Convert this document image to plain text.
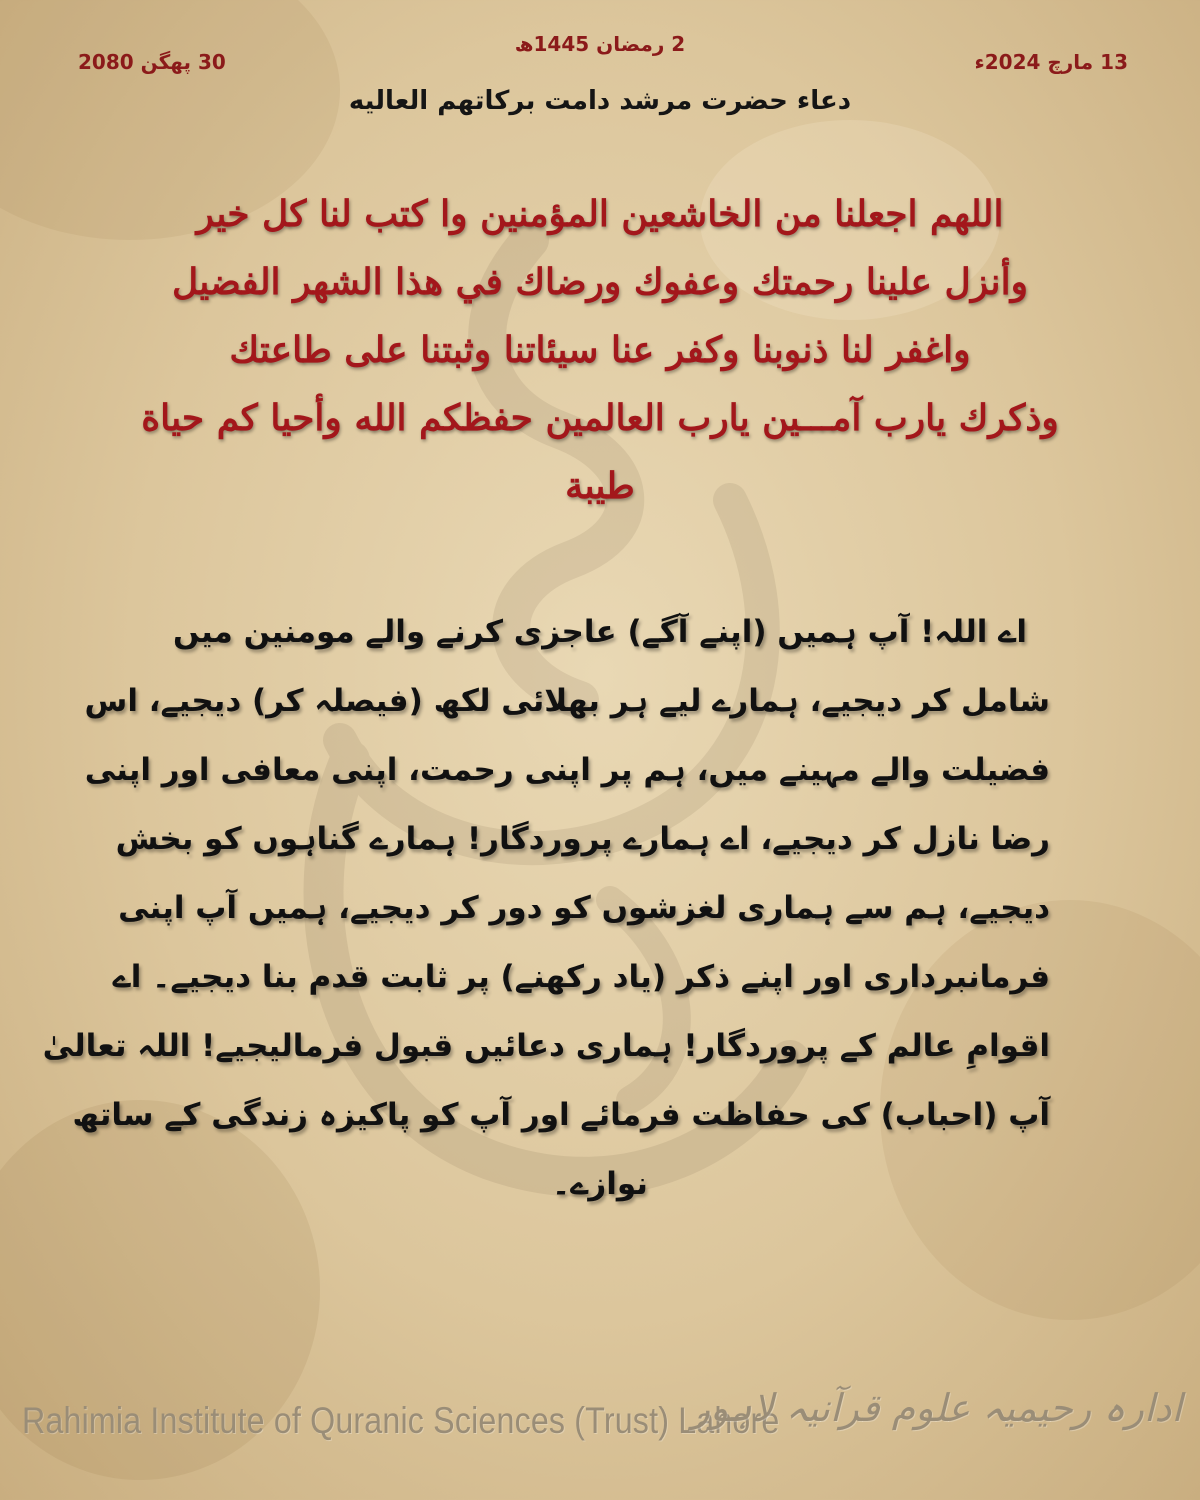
2 رمضان 1445ھ
13 مارچ 2024ء
30 پھگن 2080
دعاء حضرت مرشد دامت برکاتھم العالیه
اللهم اجعلنا من الخاشعين المؤمنين وا كتب لنا كل خير
وأنزل علينا رحمتك وعفوك ورضاك في هذا الشهر الفضيل
واغفر لنا ذنوبنا وكفر عنا سيئاتنا وثبتنا على طاعتك
وذكرك يارب آمـــين يارب العالمين حفظكم الله وأحيا كم حياة
طيبة
اے اللہ! آپ ہمیں (اپنے آگے) عاجزی کرنے والے مومنین میں
شامل کر دیجیے، ہمارے لیے ہر بھلائی لکھ (فیصلہ کر) دیجیے، اس
فضیلت والے مہینے میں، ہم پر اپنی رحمت، اپنی معافی اور اپنی
رضا نازل کر دیجیے، اے ہمارے پروردگار! ہمارے گناہوں کو بخش
دیجیے، ہم سے ہماری لغزشوں کو دور کر دیجیے، ہمیں آپ اپنی
فرمانبرداری اور اپنے ذکر (یاد رکھنے) پر ثابت قدم بنا دیجیے۔ اے
اقوامِ عالم کے پروردگار! ہماری دعائیں قبول فرمالیجیے! اللہ تعالیٰ
آپ (احباب) کی حفاظت فرمائے اور آپ کو پاکیزہ زندگی کے ساتھ
نوازے۔
Rahimia Institute of Quranic Sciences (Trust) Lahore
ادارہ رحیمیہ علوم قرآنیہ لاہور
